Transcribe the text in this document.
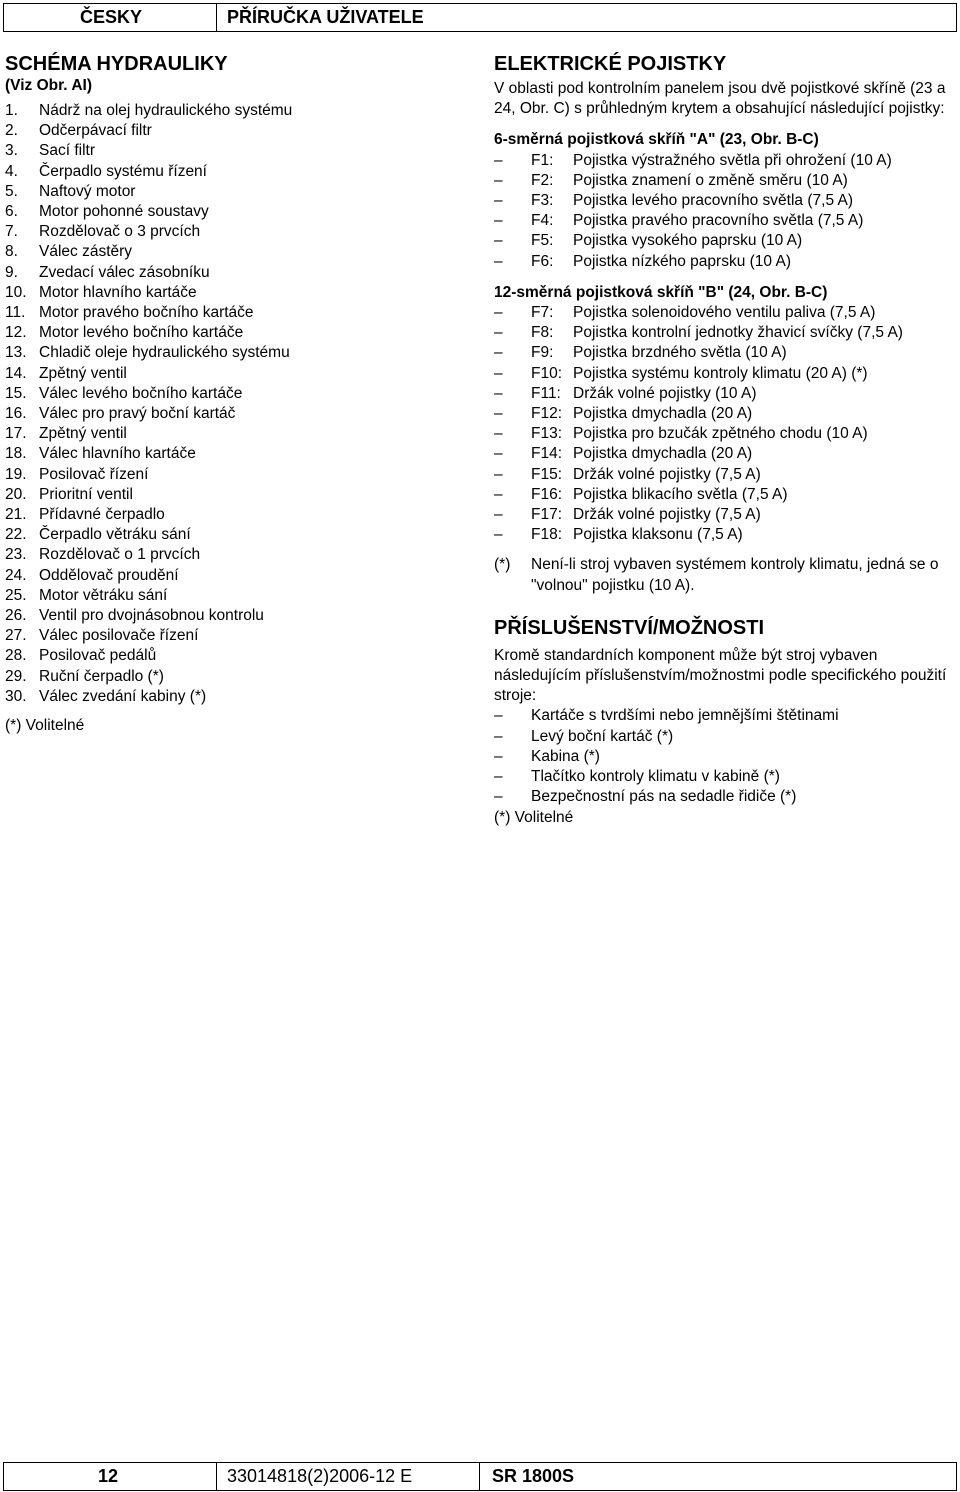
ČESKY	PŘÍRUČKA UŽIVATELE
SCHÉMA HYDRAULIKY
(Viz Obr. AI)
1.	Nádrž na olej hydraulického systému
2.	Odčerpávací filtr
3.	Sací filtr
4.	Čerpadlo systému řízení
5.	Naftový motor
6.	Motor pohonné soustavy
7.	Rozdělovač o 3 prvcích
8.	Válec zástěry
9.	Zvedací válec zásobníku
10. Motor hlavního kartáče
11. Motor pravého bočního kartáče
12. Motor levého bočního kartáče
13. Chladič oleje hydraulického systému
14. Zpětný ventil
15. Válec levého bočního kartáče
16. Válec pro pravý boční kartáč
17. Zpětný ventil
18. Válec hlavního kartáče
19. Posilovač řízení
20. Prioritní ventil
21. Přídavné čerpadlo
22. Čerpadlo větráku sání
23. Rozdělovač o 1 prvcích
24. Oddělovač proudění
25. Motor větráku sání
26. Ventil pro dvojnásobnou kontrolu
27. Válec posilovače řízení
28. Posilovač pedálů
29. Ruční čerpadlo (*)
30. Válec zvedání kabiny (*)
(*) Volitelné
ELEKTRICKÉ POJISTKY
V oblasti pod kontrolním panelem jsou dvě pojistkové skříně (23 a 24, Obr. C) s průhledným krytem a obsahující následující pojistky:
6-směrná pojistková skříň "A" (23, Obr. B-C)
–	F1:	Pojistka výstražného světla při ohrožení (10 A)
–	F2:	Pojistka znamení o změně směru (10 A)
–	F3:	Pojistka levého pracovního světla (7,5 A)
–	F4:	Pojistka pravého pracovního světla (7,5 A)
–	F5:	Pojistka vysokého paprsku (10 A)
–	F6:	Pojistka nízkého paprsku (10 A)
12-směrná pojistková skříň "B" (24, Obr. B-C)
–	F7:	Pojistka solenoidového ventilu paliva (7,5 A)
–	F8:	Pojistka kontrolní jednotky žhavicí svíčky (7,5 A)
–	F9:	Pojistka brzdného světla (10 A)
–	F10: Pojistka systému kontroly klimatu (20 A) (*)
–	F11: Držák volné pojistky (10 A)
–	F12: Pojistka dmychadla (20 A)
–	F13: Pojistka pro bzučák zpětného chodu (10 A)
–	F14: Pojistka dmychadla (20 A)
–	F15: Držák volné pojistky (7,5 A)
–	F16: Pojistka blikacího světla (7,5 A)
–	F17: Držák volné pojistky (7,5 A)
–	F18: Pojistka klaksonu (7,5 A)
(*)	Není-li stroj vybaven systémem kontroly klimatu, jedná se o "volnou" pojistku (10 A).
PŘÍSLUŠENSTVÍ/MOŽNOSTI
Kromě standardních komponent může být stroj vybaven následujícím příslušenstvím/možnostmi podle specifického použití stroje:
–	Kartáče s tvrdšími nebo jemnějšími štětinami
–	Levý boční kartáč (*)
–	Kabina (*)
–	Tlačítko kontroly klimatu v kabině (*)
–	Bezpečnostní pás na sedadle řidiče (*)
(*) Volitelné
12	33014818(2)2006-12 E	SR 1800S
